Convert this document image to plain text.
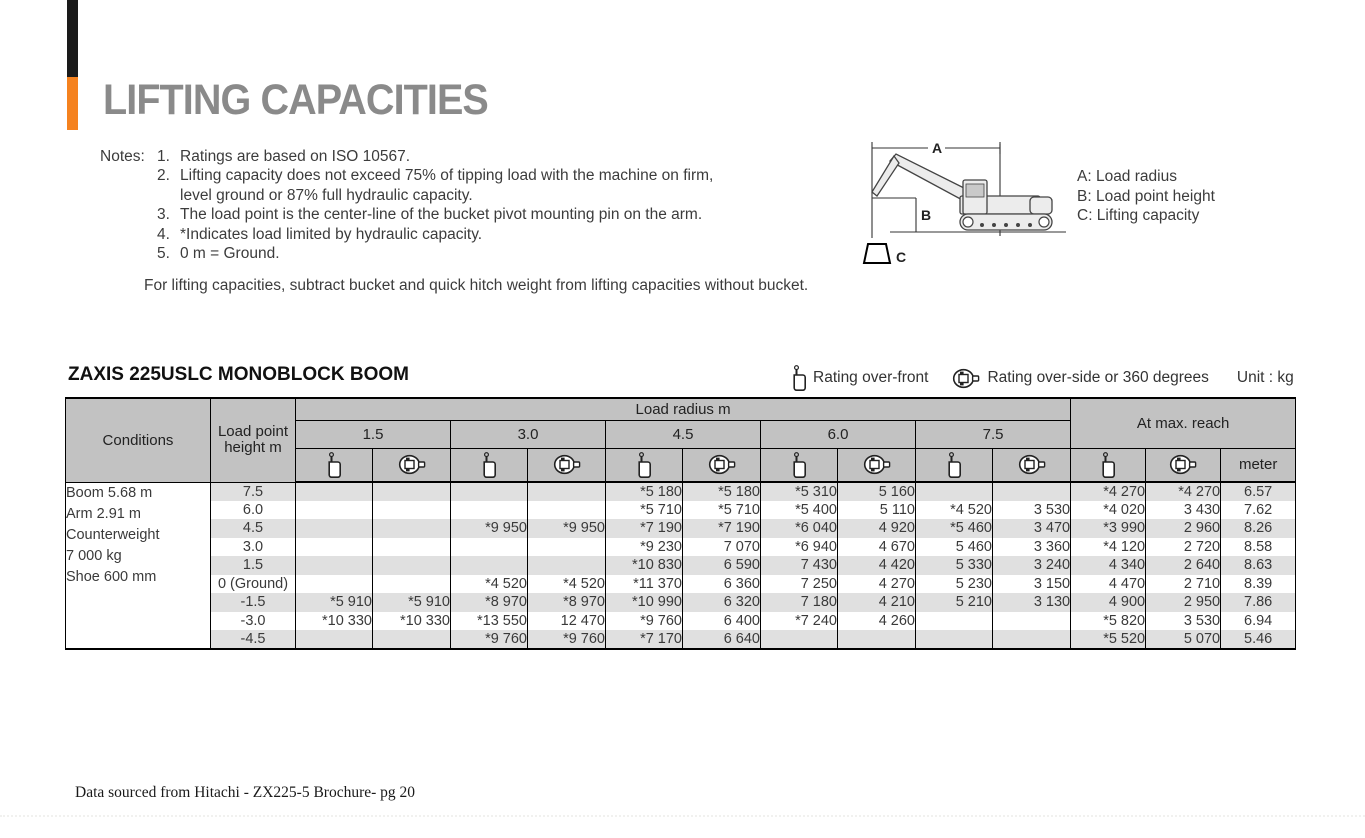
LIFTING CAPACITIES
Notes: 1. Ratings are based on ISO 10567.
2. Lifting capacity does not exceed 75% of tipping load with the machine on firm, level ground or 87% full hydraulic capacity.
3. The load point is the center-line of the bucket pivot mounting pin on the arm.
4. *Indicates load limited by hydraulic capacity.
5. 0 m = Ground.
For lifting capacities, subtract bucket and quick hitch weight from lifting capacities without bucket.
A
B
C
A: Load radius
B: Load point height
C: Lifting capacity
ZAXIS 225USLC MONOBLOCK BOOM	Rating over-front	Rating over-side or 360 degrees Unit : kg
Conditions	Load point height m	Load radius m										At max. reach		
		1.5		3.0		4.5		6.0		7.5				

	meter

Boom 5.68 m
Arm 2.91 m
Counterweight
7 000 kg
Shoe 600 mm	7.5					*5 180	*5 180	*5 310	5 160			*4 270	*4 270	6.57
	6.0					*5 710	*5 710	*5 400	5 110	*4 520	3 530	*4 020	3 430	7.62
	4.5			*9 950	*9 950	*7 190	*7 190	*6 040	4 920	*5 460	3 470	*3 990	2 960	8.26
	3.0					*9 230	7 070	*6 940	4 670	5 460	3 360	*4 120	2 720	8.58
	1.5					*10 830	6 590	7 430	4 420	5 330	3 240	4 340	2 640	8.63
	0 (Ground)			*4 520	*4 520	*11 370	6 360	7 250	4 270	5 230	3 150	4 470	2 710	8.39
	-1.5	*5 910	*5 910	*8 970	*8 970	*10 990	6 320	7 180	4 210	5 210	3 130	4 900	2 950	7.86
	-3.0	*10 330	*10 330	*13 550	12 470	*9 760	6 400	*7 240	4 260			*5 820	3 530	6.94
	-4.5			*9 760	*9 760	*7 170	6 640					*5 520	5 070	5.46
Data sourced from Hitachi - ZX225-5 Brochure- pg 20
